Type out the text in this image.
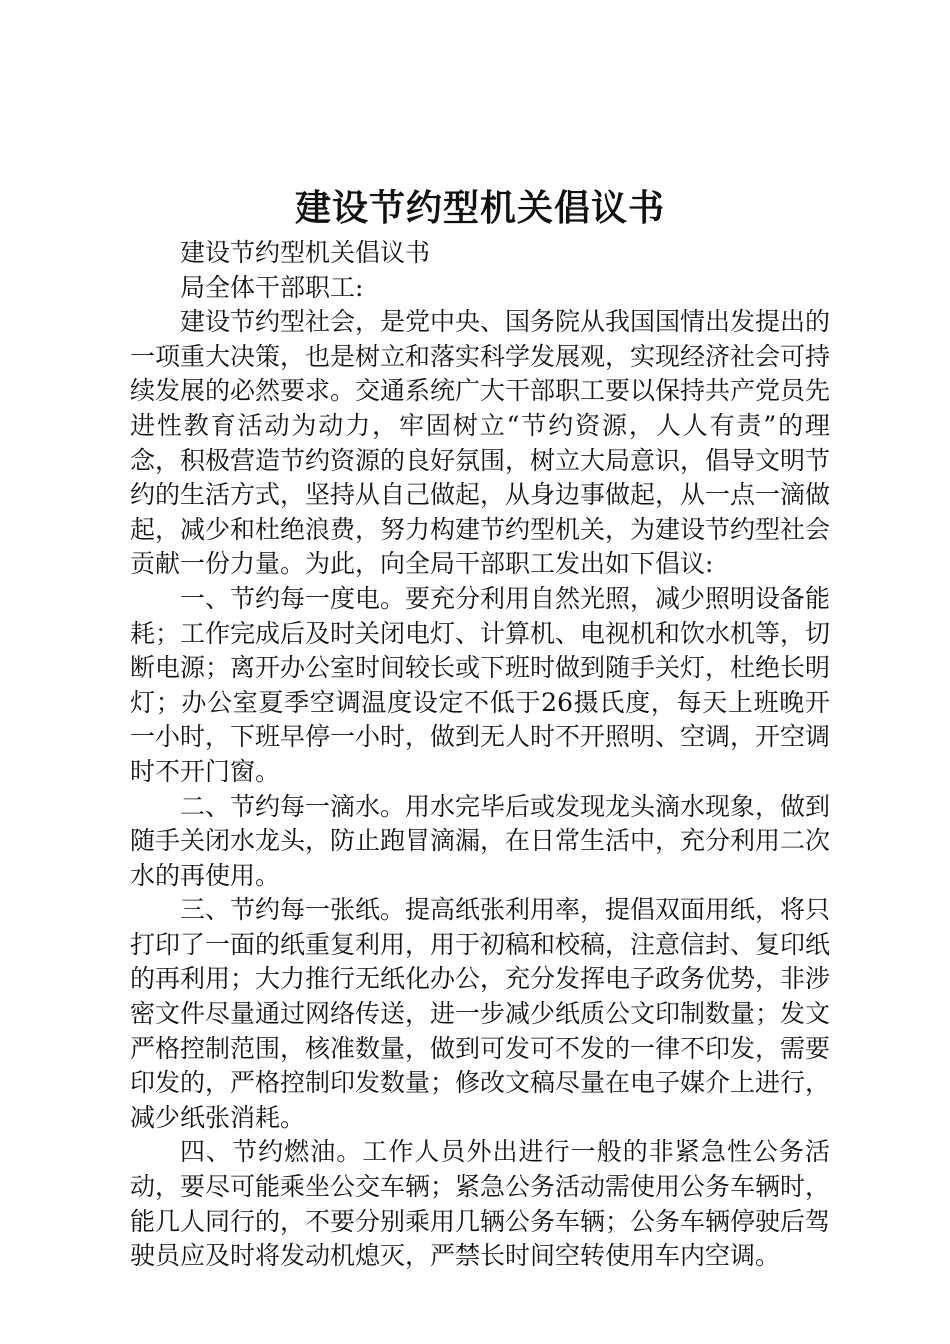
建设节约型机关倡议书

建设节约型机关倡议书

局全体干部职工:

建设节约型社会，是党中央、国务院从我国国情出发提出的一项重大决策，也是树立和落实科学发展观，实现经济社会可持续发展的必然要求。交通系统广大干部职工要以保持共产党员先进性教育活动为动力，牢固树立“节约资源，人人有责”的理念，积极营造节约资源的良好氛围，树立大局意识，倡导文明节约的生活方式，坚持从自己做起，从身边事做起，从一点一滴做起，减少和杜绝浪费，努力构建节约型机关，为建设节约型社会贡献一份力量。为此，向全局干部职工发出如下倡议:

一、节约每一度电。要充分利用自然光照，减少照明设备能耗；工作完成后及时关闭电灯、计算机、电视机和饮水机等，切断电源；离开办公室时间较长或下班时做到随手关灯，杜绝长明灯；办公室夏季空调温度设定不低于26摄氏度，每天上班晚开一小时，下班早停一小时，做到无人时不开照明、空调，开空调时不开门窗。

二、节约每一滴水。用水完毕后或发现龙头滴水现象，做到随手关闭水龙头，防止跑冒滴漏，在日常生活中，充分利用二次水的再使用。

三、节约每一张纸。提高纸张利用率，提倡双面用纸，将只打印了一面的纸重复利用，用于初稿和校稿，注意信封、复印纸的再利用；大力推行无纸化办公，充分发挥电子政务优势，非涉密文件尽量通过网络传送，进一步减少纸质公文印制数量；发文严格控制范围，核准数量，做到可发可不发的一律不印发，需要印发的，严格控制印发数量；修改文稿尽量在电子媒介上进行，减少纸张消耗。

四、节约燃油。工作人员外出进行一般的非紧急性公务活动，要尽可能乘坐公交车辆；紧急公务活动需使用公务车辆时，能几人同行的，不要分别乘用几辆公务车辆；公务车辆停驶后驾驶员应及时将发动机熄灭，严禁长时间空转使用车内空调。
